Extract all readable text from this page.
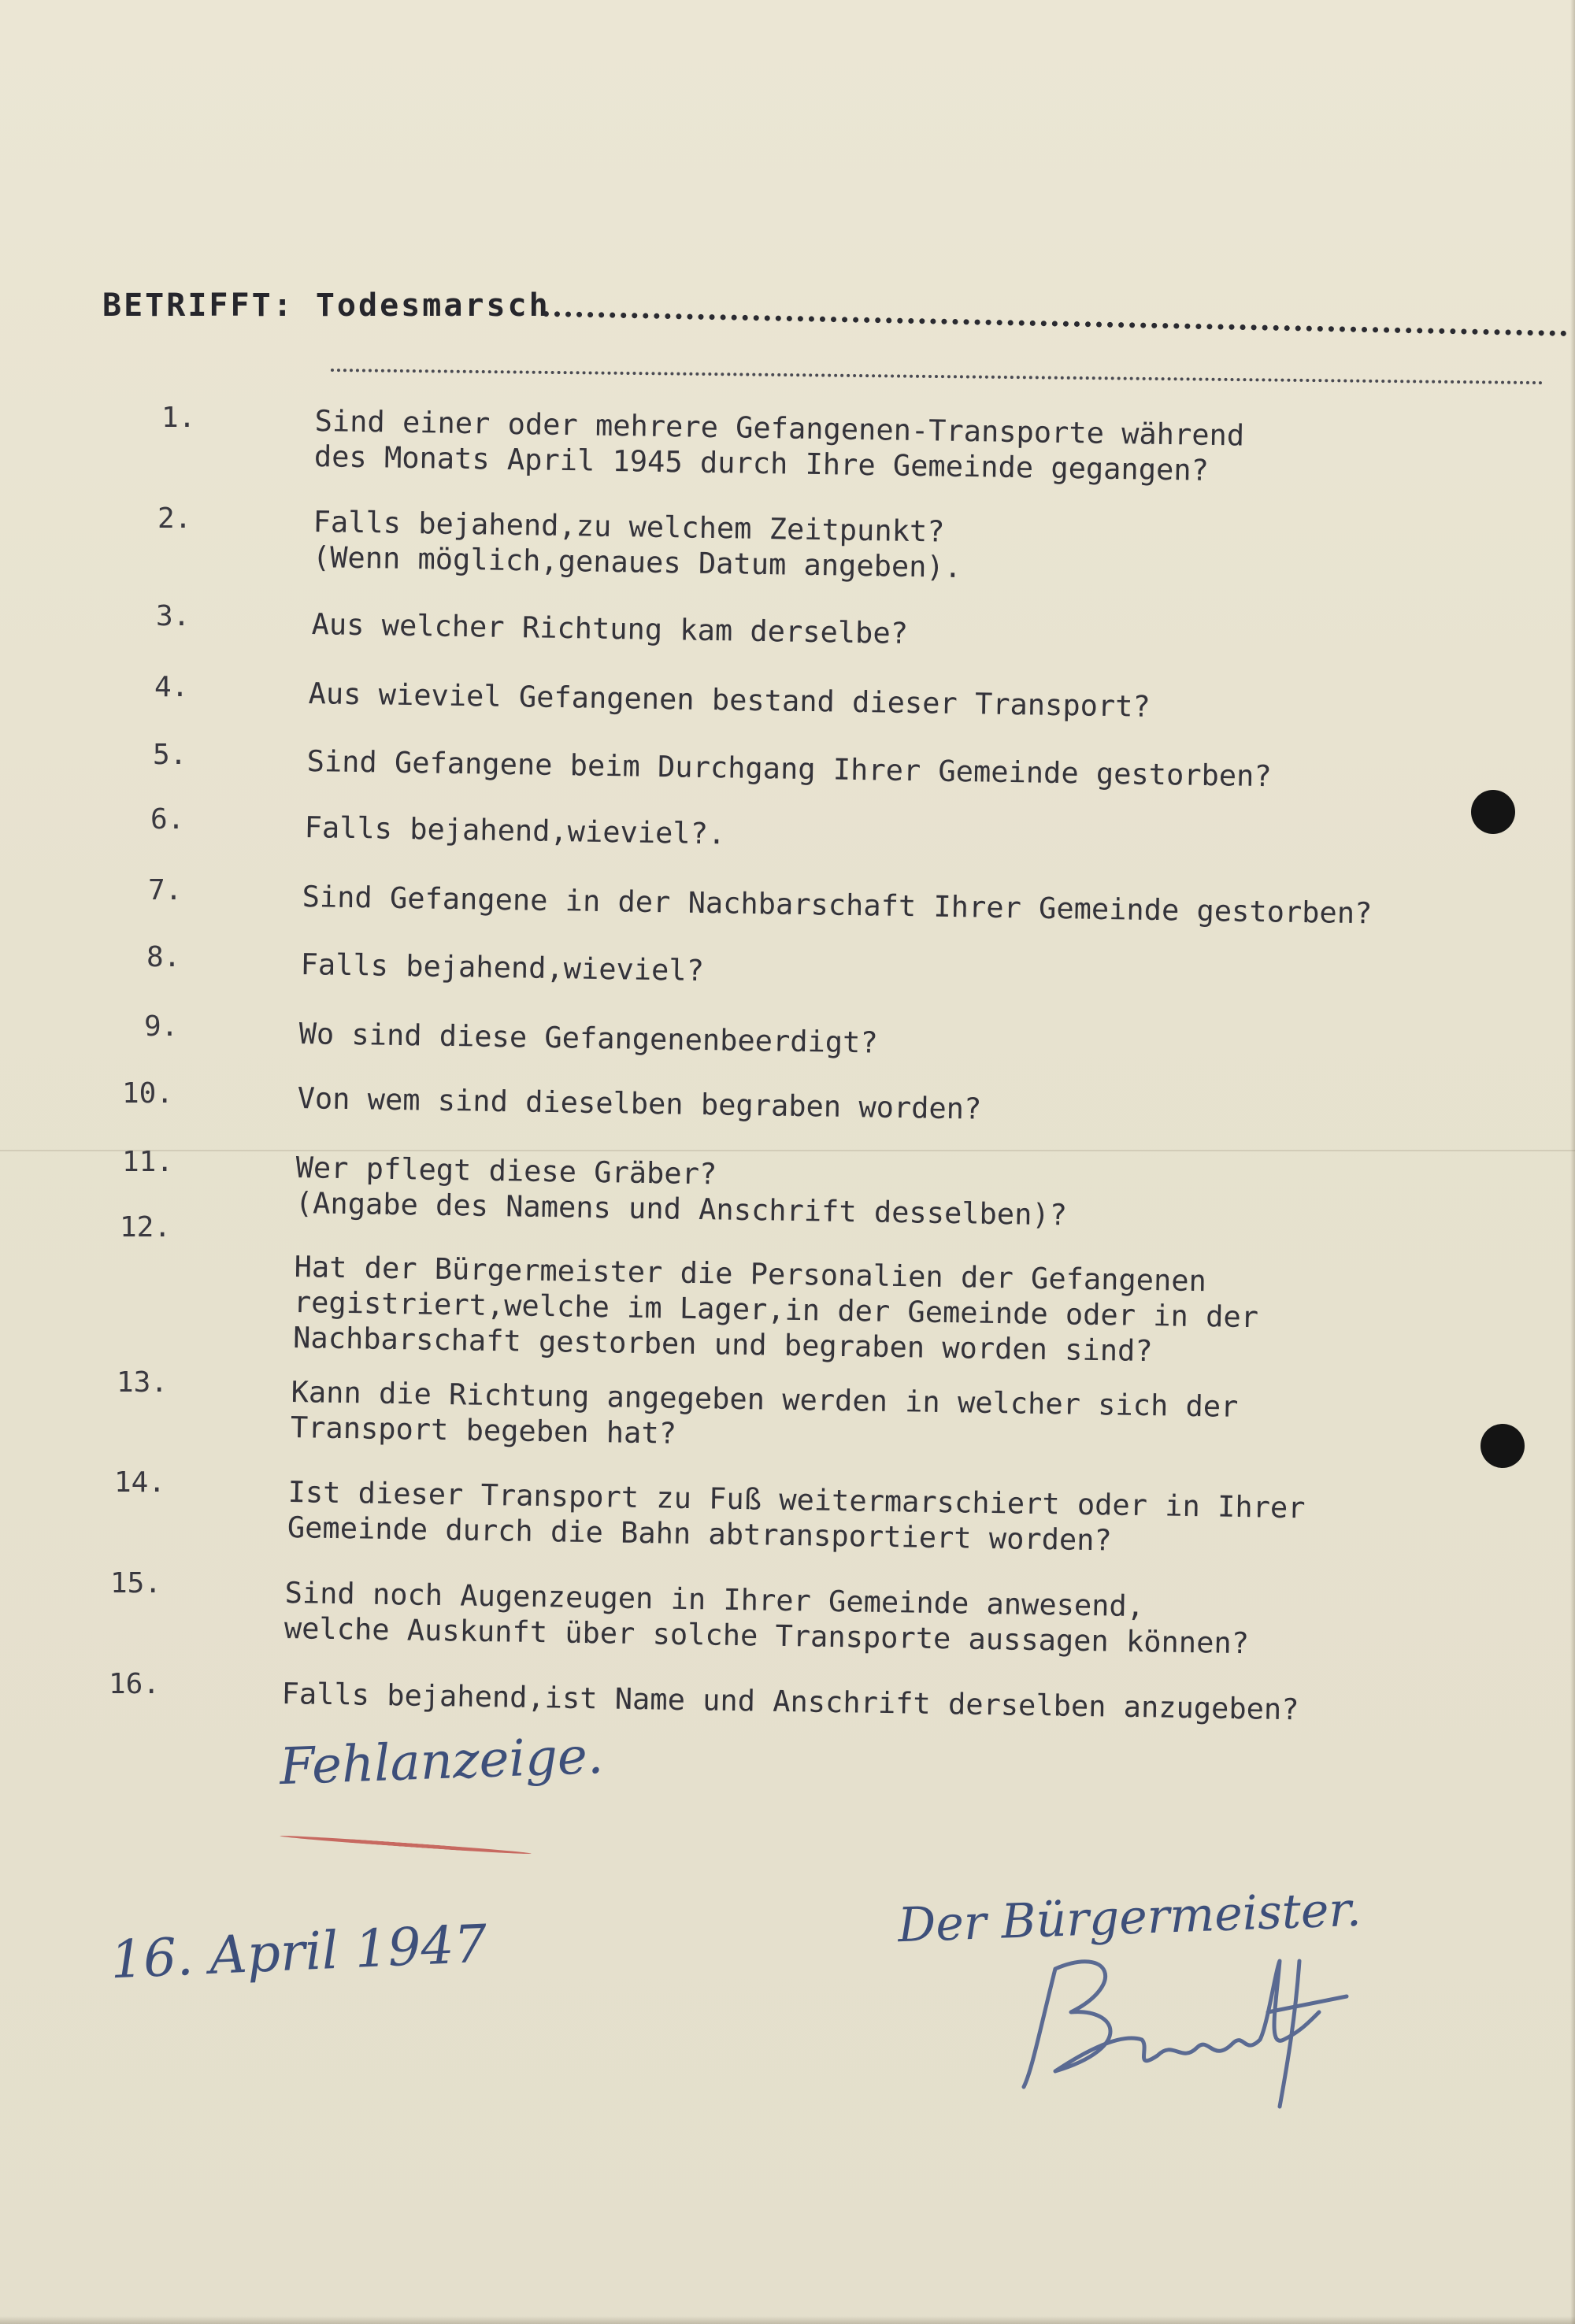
BETRIFFT: Todesmarsch
1.
2.
3.
4.
5.
6.
7.
8.
9.
10.
11.
12.
13.
14.
15.
16.
Sind einer oder mehrere Gefangenen-Transporte während
des Monats April 1945 durch Ihre Gemeinde gegangen?
Falls bejahend,zu welchem Zeitpunkt?
(Wenn möglich,genaues Datum angeben).
Aus welcher Richtung kam derselbe?
Aus wieviel Gefangenen bestand dieser Transport?
Sind Gefangene beim Durchgang Ihrer Gemeinde gestorben?
Falls bejahend,wieviel?.
Sind Gefangene in der Nachbarschaft Ihrer Gemeinde gestorben?
Falls bejahend,wieviel?
Wo sind diese Gefangenenbeerdigt?
Von wem sind dieselben begraben worden?
Wer pflegt diese Gräber?
(Angabe des Namens und Anschrift desselben)?
Hat der Bürgermeister die Personalien der Gefangenen
registriert,welche im Lager,in der Gemeinde oder in der
Nachbarschaft gestorben und begraben worden sind?
Kann die Richtung angegeben werden in welcher sich der
Transport begeben hat?
Ist dieser Transport zu Fuß weitermarschiert oder in Ihrer
Gemeinde durch die Bahn abtransportiert worden?
Sind noch Augenzeugen in Ihrer Gemeinde anwesend,
welche Auskunft über solche Transporte aussagen können?
Falls bejahend,ist Name und Anschrift derselben anzugeben?
Fehlanzeige.
16. April 1947	Der Bürgermeister.
